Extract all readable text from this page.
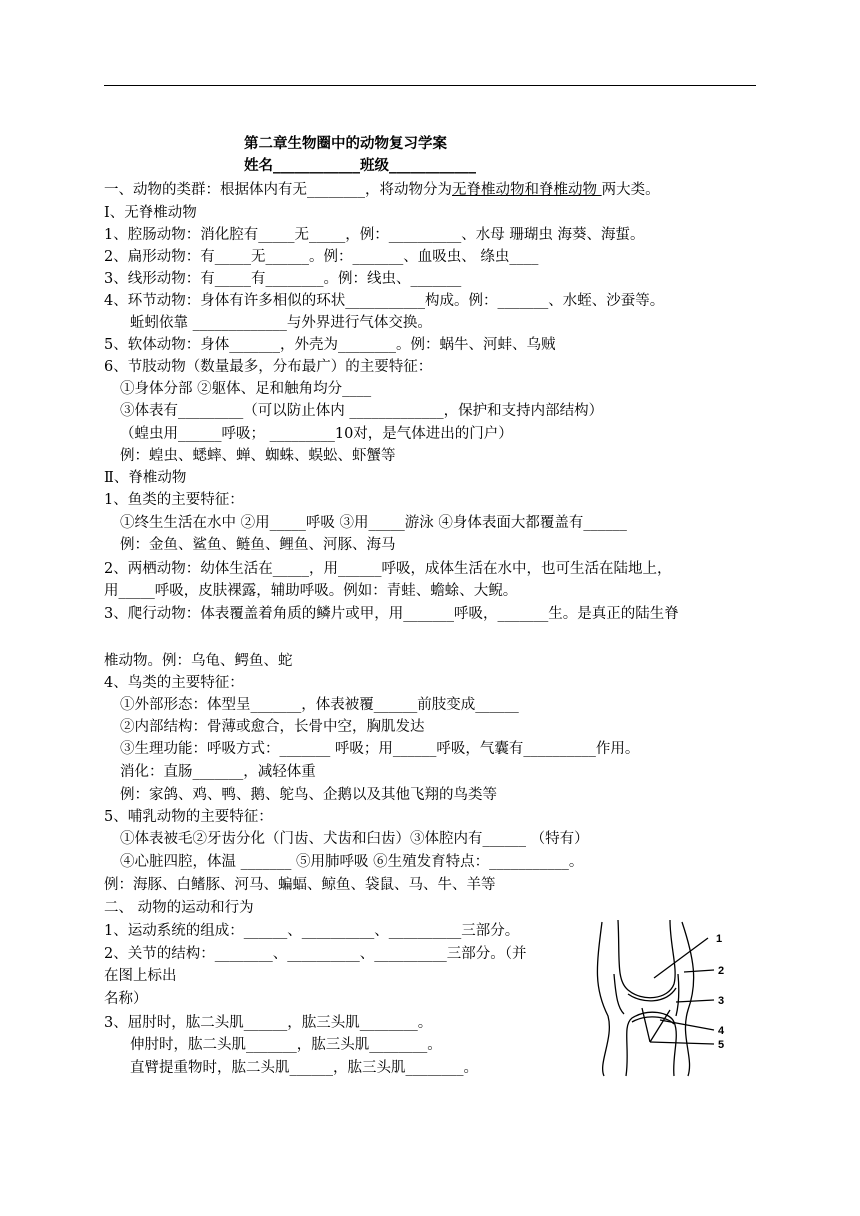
第二章生物圈中的动物复习学案
姓名____________班级____________
一、动物的类群：根据体内有无________，将动物分为无脊椎动物和脊椎动物 两大类。
Ⅰ、无脊椎动物
1、腔肠动物：消化腔有_____无_____，例：__________、水母 珊瑚虫 海葵、海蜇。
2、扁形动物：有_____无______。例：_______、血吸虫、 绦虫____
3、线形动物：有_____有________。例：线虫、_______
4、环节动物：身体有许多相似的环状___________构成。例：_______、水蛭、沙蚕等。
蚯蚓依靠 _____________与外界进行气体交换。
5、软体动物：身体_______，外壳为________。例：蜗牛、河蚌、乌贼
6、节肢动物（数量最多，分布最广）的主要特征：
①身体分部 ②躯体、足和触角均分____
③体表有_________（可以防止体内 _____________，保护和支持内部结构）
（蝗虫用______呼吸； _________10对，是气体进出的门户）
例：蝗虫、蟋蟀、蝉、蜘蛛、蜈蚣、虾蟹等
Ⅱ、脊椎动物
1、鱼类的主要特征：
①终生生活在水中 ②用_____呼吸 ③用_____游泳 ④身体表面大都覆盖有______
例：金鱼、鲨鱼、鲢鱼、鲤鱼、河豚、海马
2、两栖动物：幼体生活在_____，用______呼吸，成体生活在水中，也可生活在陆地上，
用_____呼吸，皮肤裸露，辅助呼吸。例如：青蛙、蟾蜍、大鲵。
3、爬行动物：体表覆盖着角质的鳞片或甲，用_______呼吸，_______生。是真正的陆生脊
椎动物。例：乌龟、鳄鱼、蛇
4、鸟类的主要特征：
①外部形态：体型呈_______，体表被覆______前肢变成______
②内部结构：骨薄或愈合，长骨中空，胸肌发达
③生理功能：呼吸方式：_______ 呼吸；用______呼吸，气囊有__________作用。
消化：直肠_______，减轻体重
例：家鸽、鸡、鸭、鹅、鸵鸟、企鹅以及其他飞翔的鸟类等
5、哺乳动物的主要特征：
①体表被毛②牙齿分化（门齿、犬齿和臼齿）③体腔内有______ （特有）
④心脏四腔，体温 _______ ⑤用肺呼吸 ⑥生殖发育特点：___________。
例：海豚、白鳍豚、河马、蝙蝠、鲸鱼、袋鼠、马、牛、羊等
二、 动物的运动和行为
1、运动系统的组成：______、__________、__________三部分。
2、关节的结构：________、__________、__________三部分。（并
在图上标出
名称）
3、屈肘时，肱二头肌______，肱三头肌________。
伸肘时，肱二头肌_______，肱三头肌________。
直臂提重物时，肱二头肌______，肱三头肌________。
1
2
3
4
5
